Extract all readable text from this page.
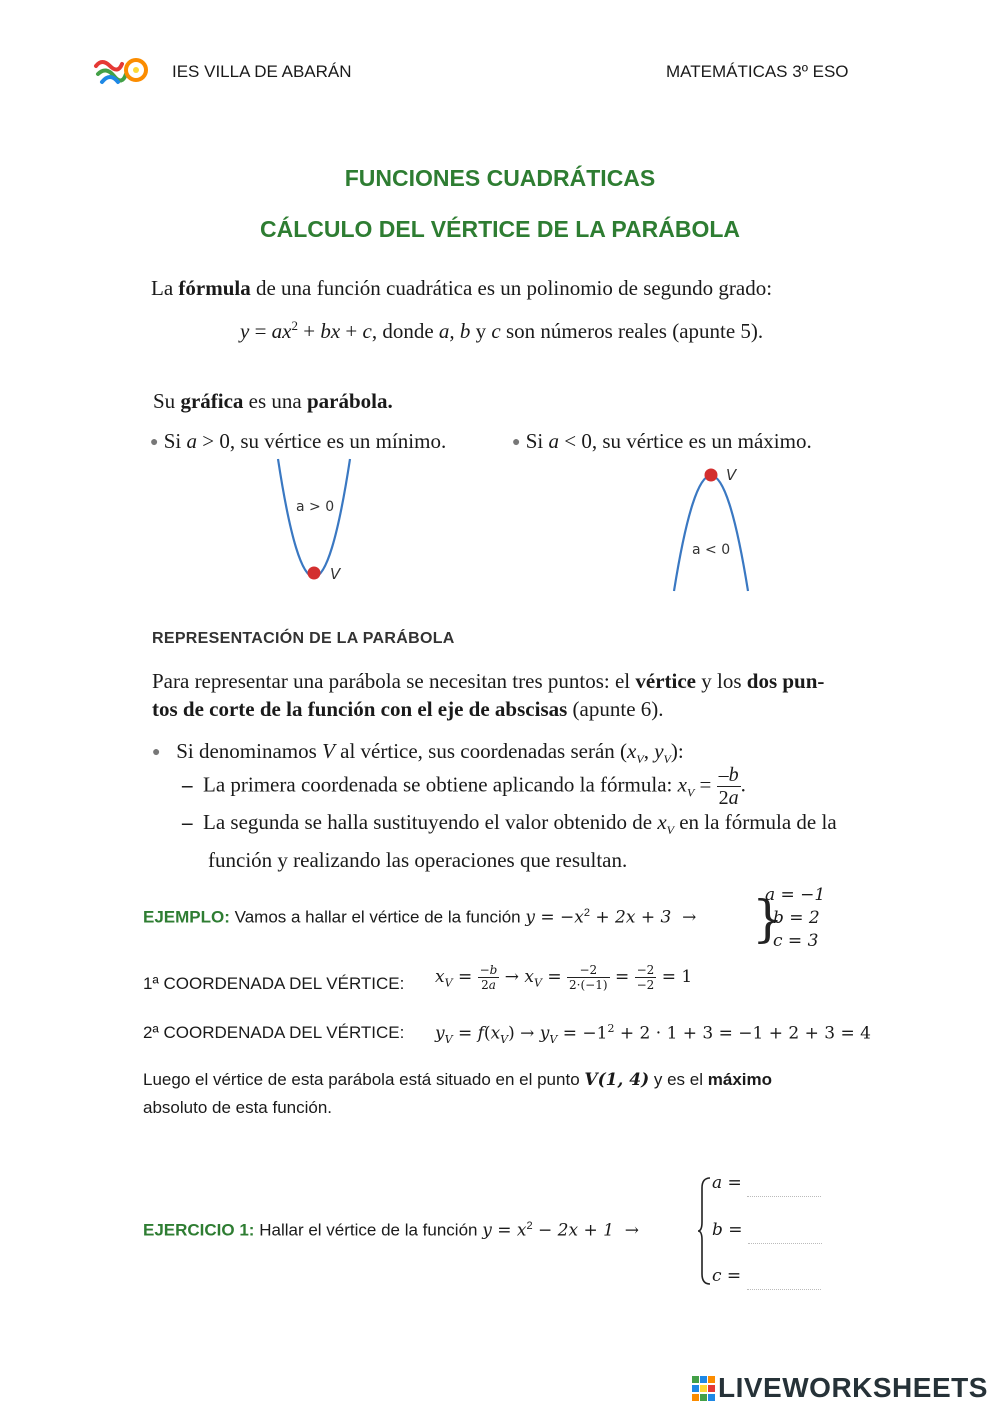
IES VILLA DE ABARÁN	MATEMÁTICAS 3º ESO
FUNCIONES CUADRÁTICAS
CÁLCULO DEL VÉRTICE DE LA PARÁBOLA
La fórmula de una función cuadrática es un polinomio de segundo grado:
$y = ax^2$ + bx + c, donde a, b y c son números reales (apunte 5).
Su gráfica es una parábola.
● Si a > 0, su vértice es un mínimo.	● Si a < 0, su vértice es un máximo.
a > 0
V
a < 0
V
REPRESENTACIÓN DE LA PARÁBOLA
Para representar una parábola se necesitan tres puntos: el vértice y los dos pun-
tos de corte de la función con el eje de abscisas (apunte 6).
● Si denominamos V al vértice, sus coordenadas serán ($x_V$, $y_V$):
– La primera coordenada se obtiene aplicando la fórmula: $x_V = \frac{-b}{2a}$ .
– La segunda se halla sustituyendo el valor obtenido de $x_V$ en la fórmula de la
función y realizando las operaciones que resultan.
EJEMPLO: Vamos a hallar el vértice de la función $y = -x^2 + 2x + 3$  → }
a = −1
b = 2
c = 3
1ª COORDENADA DEL VÉRTICE: $x_V = \frac{-b}{2a} \to x_V = \frac{-2}{2\cdot(-1)} = \frac{-2}{-2} = 1$
2ª COORDENADA DEL VÉRTICE: $y_V = f(x_V) \to y_V = -1^2 + 2 \cdot 1 + 3 = -1 + 2 + 3 = 4$
Luego el vértice de esta parábola está situado en el punto V(1, 4) y es el máximo
absoluto de esta función.
EJERCICIO 1: Hallar el vértice de la función $y = x^2 - 2x + 1$  →
a =
b =
c =
LIVEWORKSHEETS
